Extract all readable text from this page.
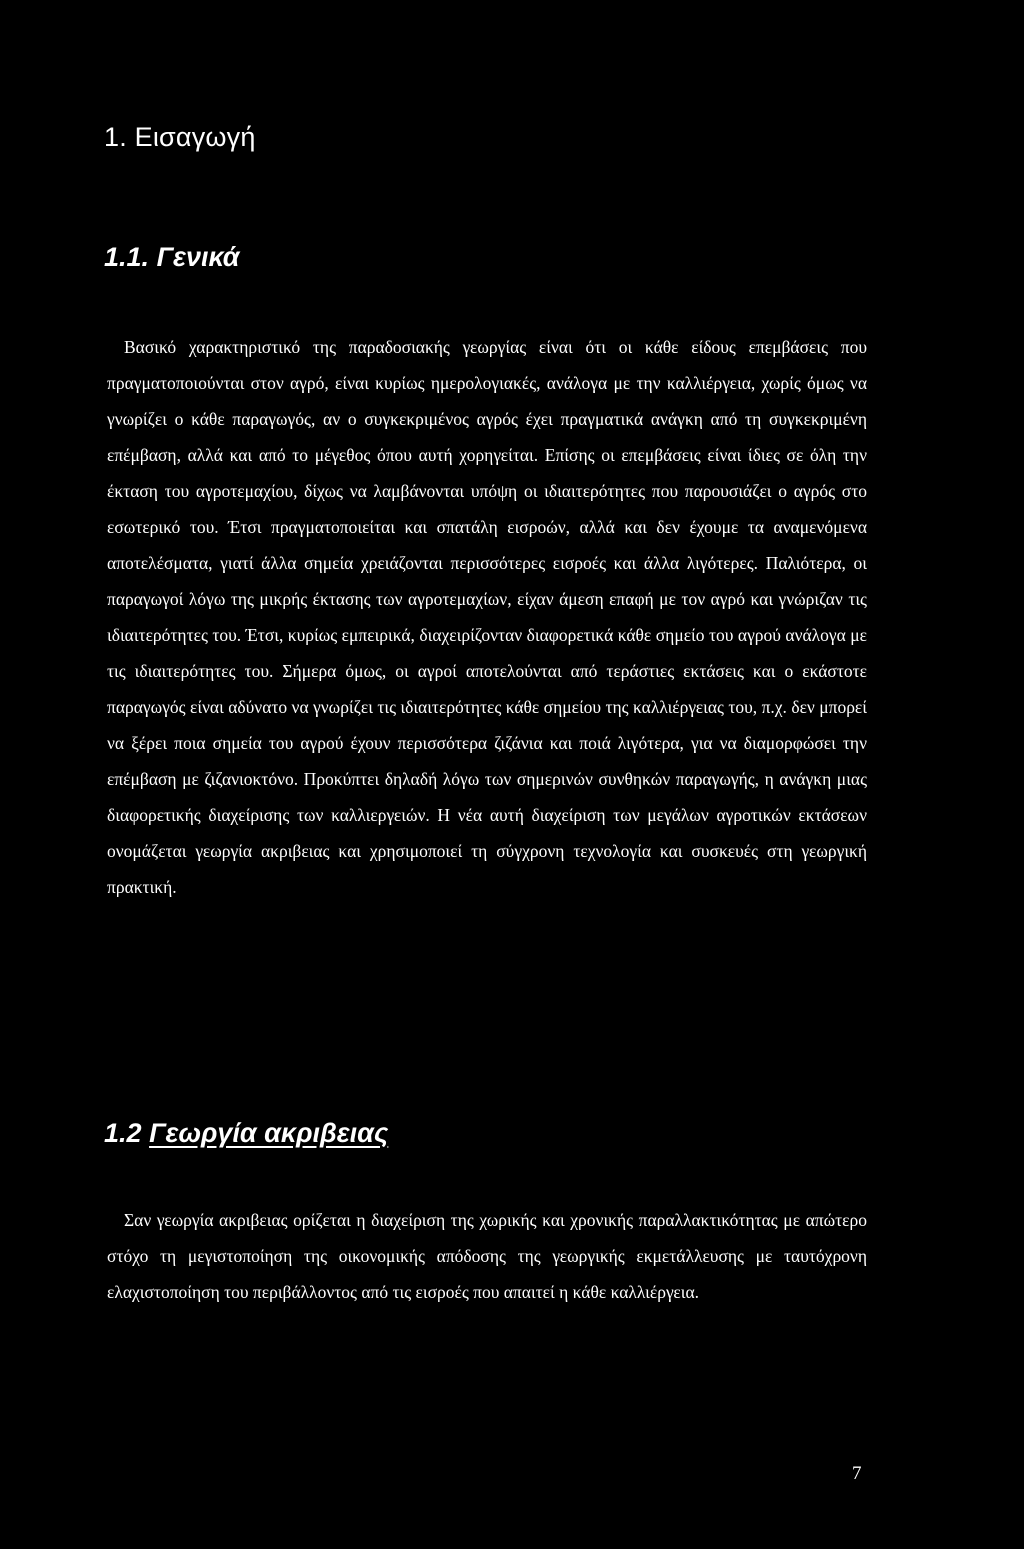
1. Εισαγωγή
1.1. Γενικά

Βασικό χαρακτηριστικό της παραδοσιακής γεωργίας είναι ότι οι κάθε είδους επεμβάσεις που πραγματοποιούνται στον αγρό, είναι κυρίως ημερολογιακές, ανάλογα με την καλλιέργεια, χωρίς όμως να γνωρίζει ο κάθε παραγωγός, αν ο συγκεκριμένος αγρός έχει πραγματικά ανάγκη από τη συγκεκριμένη επέμβαση, αλλά και από το μέγεθος όπου αυτή χορηγείται. Επίσης οι επεμβάσεις είναι ίδιες σε όλη την έκταση του αγροτεμαχίου, δίχως να λαμβάνονται υπόψη οι ιδιαιτερότητες που παρουσιάζει ο αγρός στο εσωτερικό του. Έτσι πραγματοποιείται και σπατάλη εισροών, αλλά και δεν έχουμε τα αναμενόμενα αποτελέσματα, γιατί άλλα σημεία χρειάζονται περισσότερες εισροές και άλλα λιγότερες. Παλιότερα, οι παραγωγοί λόγω της μικρής έκτασης των αγροτεμαχίων, είχαν άμεση επαφή με τον αγρό και γνώριζαν τις ιδιαιτερότητες του. Έτσι, κυρίως εμπειρικά, διαχειρίζονταν διαφορετικά κάθε σημείο του αγρού ανάλογα με τις ιδιαιτερότητες του. Σήμερα όμως, οι αγροί αποτελούνται από τεράστιες εκτάσεις και ο εκάστοτε παραγωγός είναι αδύνατο να γνωρίζει τις ιδιαιτερότητες κάθε σημείου της καλλιέργειας του, π.χ. δεν μπορεί να ξέρει ποια σημεία του αγρού έχουν περισσότερα ζιζάνια και ποιά λιγότερα, για να διαμορφώσει την επέμβαση με ζιζανιοκτόνο. Προκύπτει δηλαδή λόγω των σημερινών συνθηκών παραγωγής, η ανάγκη μιας διαφορετικής διαχείρισης των καλλιεργειών. Η νέα αυτή διαχείριση των μεγάλων αγροτικών εκτάσεων ονομάζεται γεωργία ακριβειας και χρησιμοποιεί τη σύγχρονη τεχνολογία και συσκευές στη γεωργική πρακτική.

1.2 Γεωργία ακριβειας

Σαν γεωργία ακριβειας ορίζεται η διαχείριση της χωρικής και χρονικής παραλλακτικότητας με απώτερο στόχο τη μεγιστοποίηση της οικονομικής απόδοσης της γεωργικής εκμετάλλευσης με ταυτόχρονη ελαχιστοποίηση του περιβάλλοντος από τις εισροές που απαιτεί η κάθε καλλιέργεια.

7
